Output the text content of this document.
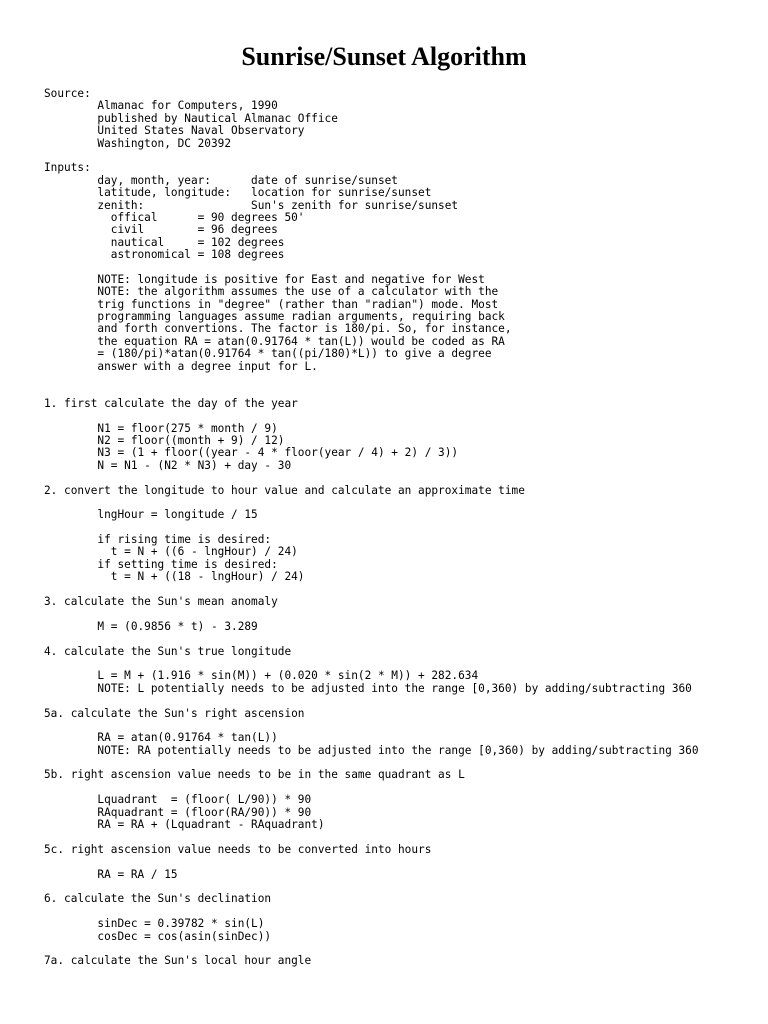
Sunrise/Sunset Algorithm
Source:
Almanac for Computers, 1990
published by Nautical Almanac Office
United States Naval Observatory
Washington, DC 20392
Inputs:
day, month, year:      date of sunrise/sunset
latitude, longitude:   location for sunrise/sunset
zenith:                Sun's zenith for sunrise/sunset
offical      = 90 degrees 50'
civil        = 96 degrees
nautical     = 102 degrees
astronomical = 108 degrees
NOTE: longitude is positive for East and negative for West
NOTE: the algorithm assumes the use of a calculator with the
trig functions in "degree" (rather than "radian") mode. Most
programming languages assume radian arguments, requiring back
and forth convertions. The factor is 180/pi. So, for instance,
the equation RA = atan(0.91764 * tan(L)) would be coded as RA
= (180/pi)*atan(0.91764 * tan((pi/180)*L)) to give a degree
answer with a degree input for L.
1. first calculate the day of the year
N1 = floor(275 * month / 9)
N2 = floor((month + 9) / 12)
N3 = (1 + floor((year - 4 * floor(year / 4) + 2) / 3))
N = N1 - (N2 * N3) + day - 30
2. convert the longitude to hour value and calculate an approximate time
lngHour = longitude / 15
if rising time is desired:
t = N + ((6 - lngHour) / 24)
if setting time is desired:
t = N + ((18 - lngHour) / 24)
3. calculate the Sun's mean anomaly
M = (0.9856 * t) - 3.289
4. calculate the Sun's true longitude
L = M + (1.916 * sin(M)) + (0.020 * sin(2 * M)) + 282.634
NOTE: L potentially needs to be adjusted into the range [0,360) by adding/subtracting 360
5a. calculate the Sun's right ascension
RA = atan(0.91764 * tan(L))
NOTE: RA potentially needs to be adjusted into the range [0,360) by adding/subtracting 360
5b. right ascension value needs to be in the same quadrant as L
Lquadrant  = (floor( L/90)) * 90
RAquadrant = (floor(RA/90)) * 90
RA = RA + (Lquadrant - RAquadrant)
5c. right ascension value needs to be converted into hours
RA = RA / 15
6. calculate the Sun's declination
sinDec = 0.39782 * sin(L)
cosDec = cos(asin(sinDec))
7a. calculate the Sun's local hour angle
